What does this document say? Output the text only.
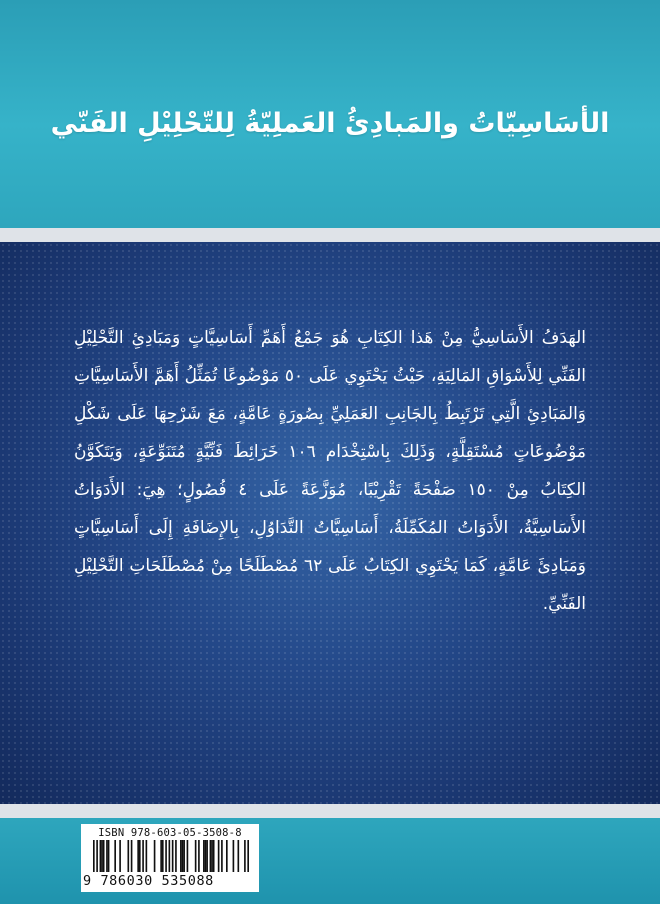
الأسَاسِيّاتُ والمَبادِئُ العَملِيّةُ لِلتّحْلِيْلِ الفَنّي

الهَدَفُ الأَسَاسِيُّ مِنْ هَذا الكِتَابِ هُوَ جَمْعُ أَهَمِّ أَسَاسِيَّاتٍ وَمَبَادِئِ التَّحْلِيْلِ الفَنِّي لِلأَسْوَاقِ المَالِيَةِ، حَيْثُ يَحْتَوِي عَلَى ٥٠ مَوْضُوعًا تُمَثِّلُ أَهَمَّ الأَسَاسِيَّاتِ وَالمَبَادِئِ الَّتِي تَرْتَبِطُ بِالجَانِبِ العَمَلِيِّ بِصُورَةٍ عَامَّةٍ، مَعَ شَرْحِهَا عَلَى شَكْلِ مَوْضُوعَاتٍ مُسْتَقِلَّةٍ، وَذَلِكَ بِاسْتِخْدَام ١٠٦ خَرَائِطَ فَنِّيَّةٍ مُتَنَوِّعَةٍ، وَيَتَكَوَّنُ الكِتَابُ مِنْ ١٥٠ صَفْحَةً تَقْرِيْبًا، مُوَزَّعَةً عَلَى ٤ فُصُولٍ؛ هِيَ: الأَدَوَاتُ الأَسَاسِيَّةُ، الأَدَوَاتُ المُكَمِّلَةُ، أَسَاسِيَّاتُ التَّدَاوُلِ، بِالإِضَافَةِ إِلَى أَسَاسِيَّاتٍ وَمَبَادِئَ عَامَّةٍ، كَمَا يَحْتَوِي الكِتَابُ عَلَى ٦٢ مُصْطَلَحًا مِنْ مُصْطَلَحَاتِ التَّحْلِيْلِ الفَنِّيِّ.

ISBN 978-603-05-3508-8
9 786030 535088
